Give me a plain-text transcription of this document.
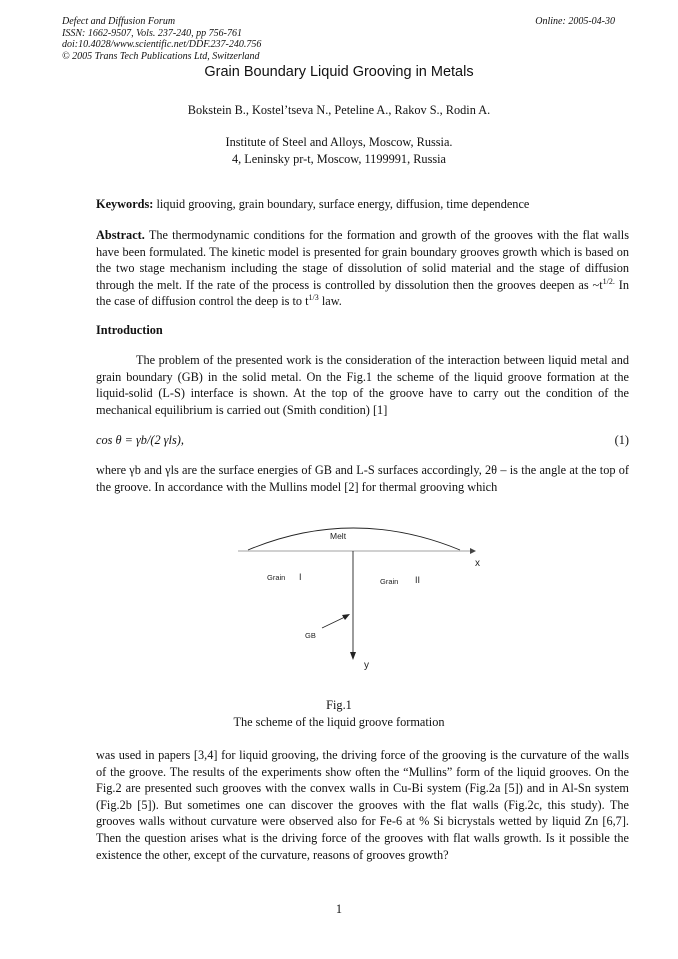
Defect and Diffusion Forum
ISSN: 1662-9507, Vols. 237-240, pp 756-761
doi:10.4028/www.scientific.net/DDF.237-240.756
© 2005 Trans Tech Publications Ltd, Switzerland
Online: 2005-04-30
Grain Boundary Liquid Grooving in Metals
Bokstein B., Kostel’tseva N., Peteline A., Rakov S., Rodin A.
Institute of Steel and Alloys, Moscow, Russia.
4, Leninsky pr-t, Moscow, 1199991, Russia
Keywords: liquid grooving, grain boundary, surface energy, diffusion, time dependence
Abstract. The thermodynamic conditions for the formation and growth of the grooves with the flat walls have been formulated. The kinetic model is presented for grain boundary grooves growth which is based on the two stage mechanism including the stage of dissolution of solid material and the stage of diffusion through the melt. If the rate of the process is controlled by dissolution then the grooves deepen as $\sim t^{1/2.}$ In the case of diffusion control the deep is to $t^{1/3}$ law.
Introduction
The problem of the presented work is the consideration of the interaction between liquid metal and grain boundary (GB) in the solid metal. On the Fig.1 the scheme of the liquid groove formation at the liquid-solid (L-S) interface is shown. At the top of the groove have to carry out the condition of the mechanical equilibrium is carried out (Smith condition) [1]
cos θ = γb/(2 γls),	(1)
where γb and γls are the surface energies of GB and L-S surfaces accordingly, 2θ – is the angle at the top of the groove. In accordance with the Mullins model [2] for thermal grooving which
Melt
x
y
Grain I	Grain II
GB
Fig.1
The scheme of the liquid groove formation
was used in papers [3,4] for liquid grooving, the driving force of the grooving is the curvature of the walls of the groove. The results of the experiments show often the “Mullins” form of the liquid grooves. On the Fig.2 are presented such grooves with the convex walls in Cu-Bi system (Fig.2a [5]) and in Al-Sn system (Fig.2b [5]). But sometimes one can discover the grooves with the flat walls (Fig.2c, this study). The grooves walls without curvature were observed also for Fe-6 at % Si bicrystals wetted by liquid Zn [6,7]. Then the question arises what is the driving force of the grooves with flat walls growth. Is it possible the existence the other, except of the curvature, reasons of grooves growth?
1
